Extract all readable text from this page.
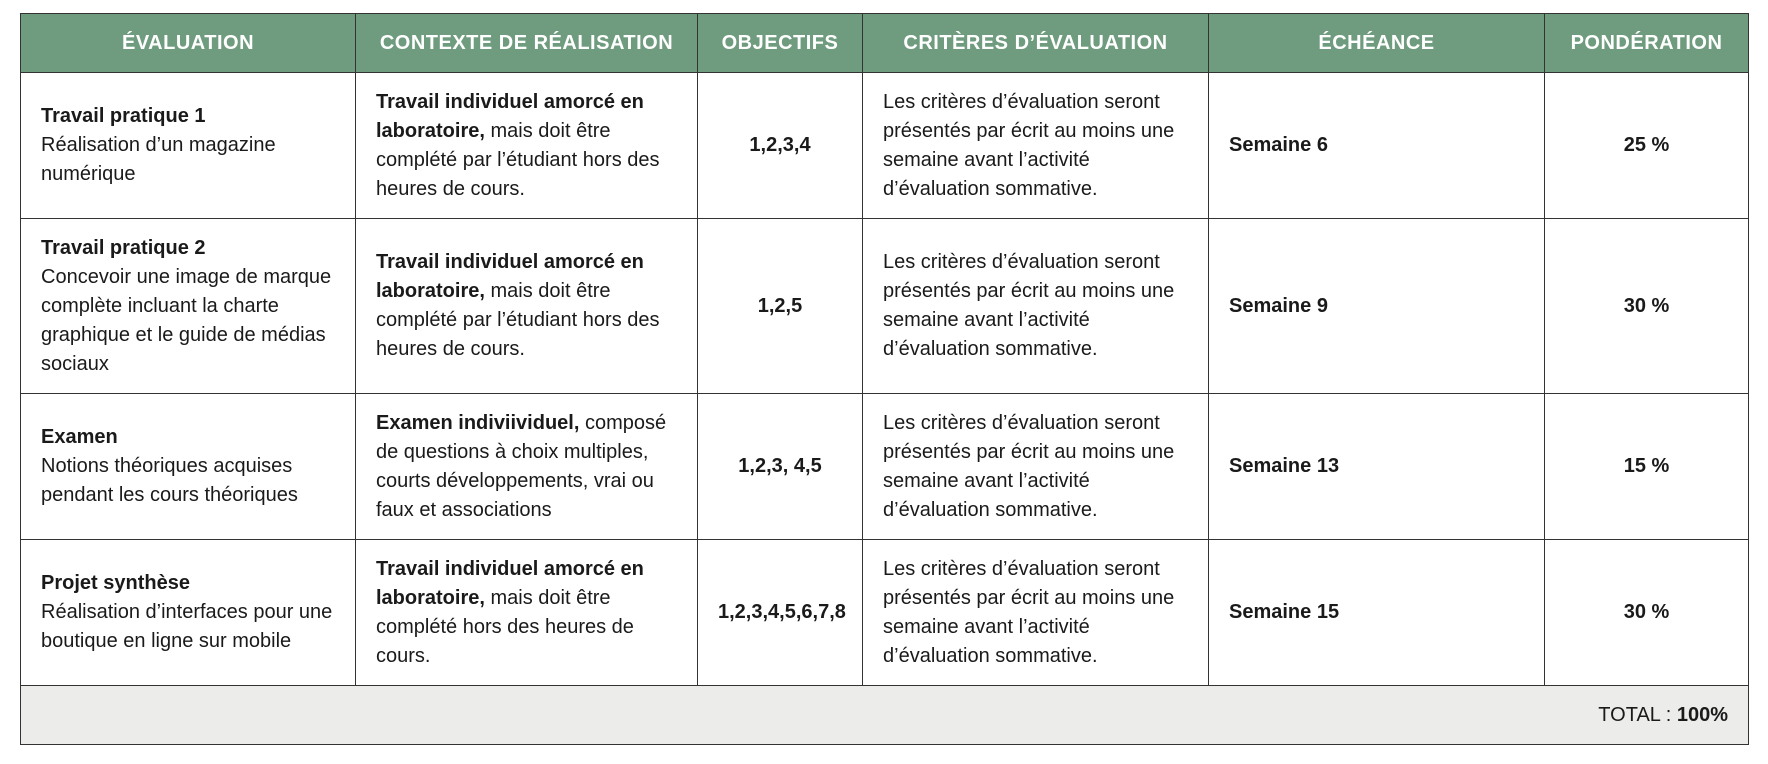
ÉVALUATION	CONTEXTE DE RÉALISATION	OBJECTIFS	CRITÈRES D’ÉVALUATION	ÉCHÉANCE	PONDÉRATION

Travail pratique 1
Réalisation d’un magazine numérique	Travail individuel amorcé en laboratoire, mais doit être complété par l’étudiant hors des heures de cours.	1,2,3,4	Les critères d’évaluation seront présentés par écrit au moins une semaine avant l’activité d’évaluation sommative.	Semaine 6	25 %

Travail pratique 2
Concevoir une image de marque complète incluant la charte graphique et le guide de médias sociaux	Travail individuel amorcé en laboratoire, mais doit être complété par l’étudiant hors des heures de cours.	1,2,5	Les critères d’évaluation seront présentés par écrit au moins une semaine avant l’activité d’évaluation sommative.	Semaine 9	30 %

Examen
Notions théoriques acquises pendant les cours théoriques	Examen indiviividuel, composé de questions à choix multiples, courts développements, vrai ou faux et associations	1,2,3, 4,5	Les critères d’évaluation seront présentés par écrit au moins une semaine avant l’activité d’évaluation sommative.	Semaine 13	15 %

Projet synthèse
Réalisation d’interfaces pour une boutique en ligne sur mobile	Travail individuel amorcé en laboratoire, mais doit être complété hors des heures de cours.	1,2,3,4,5,6,7,8	Les critères d’évaluation seront présentés par écrit au moins une semaine avant l’activité d’évaluation sommative.	Semaine 15	30 %
TOTAL : 100%					
